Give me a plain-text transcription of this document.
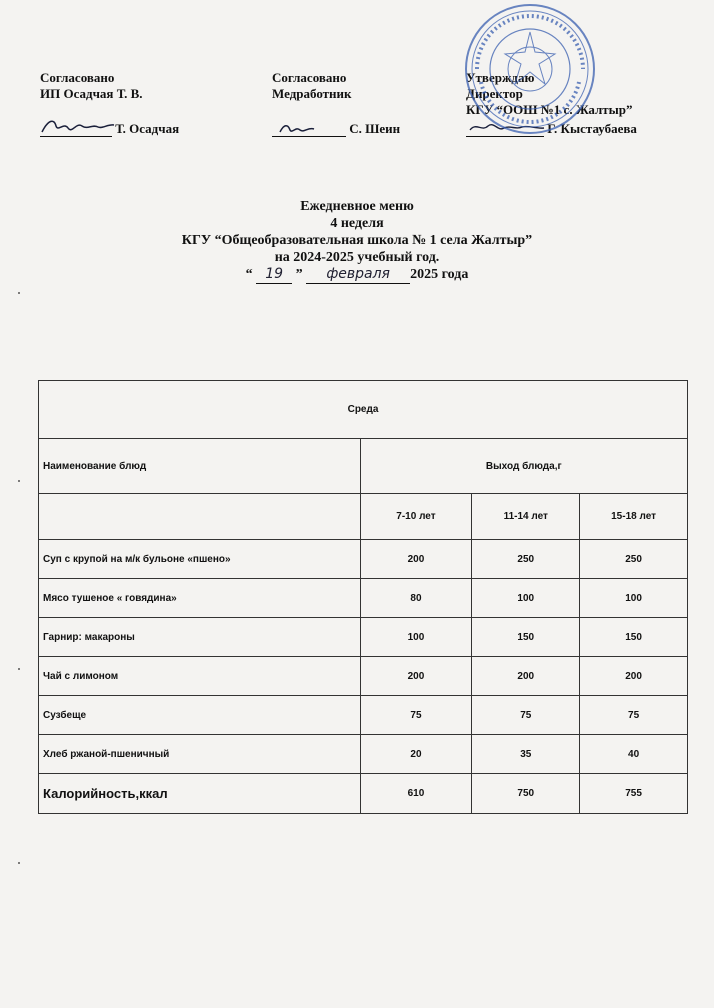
Согласовано
ИП Осадчая Т. В.
Т. Осадчая
Согласовано
Медработник
С. Шеин
Утверждаю
Директор
КГУ “ООШ №1 с. Жалтыр”
Г. Кыстаубаева
Ежедневное меню
4 неделя
КГУ “Общеобразовательная школа № 1 села Жалтыр”
на 2024-2025 учебный год.
“ 19 ” февраля 2025 года
Среда			
Наименование блюд	Выход блюда,г		
	7-10 лет	11-14 лет	15-18 лет
Суп с крупой на м/к бульоне «пшено»	200	250	250
Мясо тушеное « говядина»	80	100	100
Гарнир: макароны	100	150	150
Чай с лимоном	200	200	200
Сузбеще	75	75	75
Хлеб ржаной-пшеничный	20	35	40
Калорийность,ккал	610	750	755
